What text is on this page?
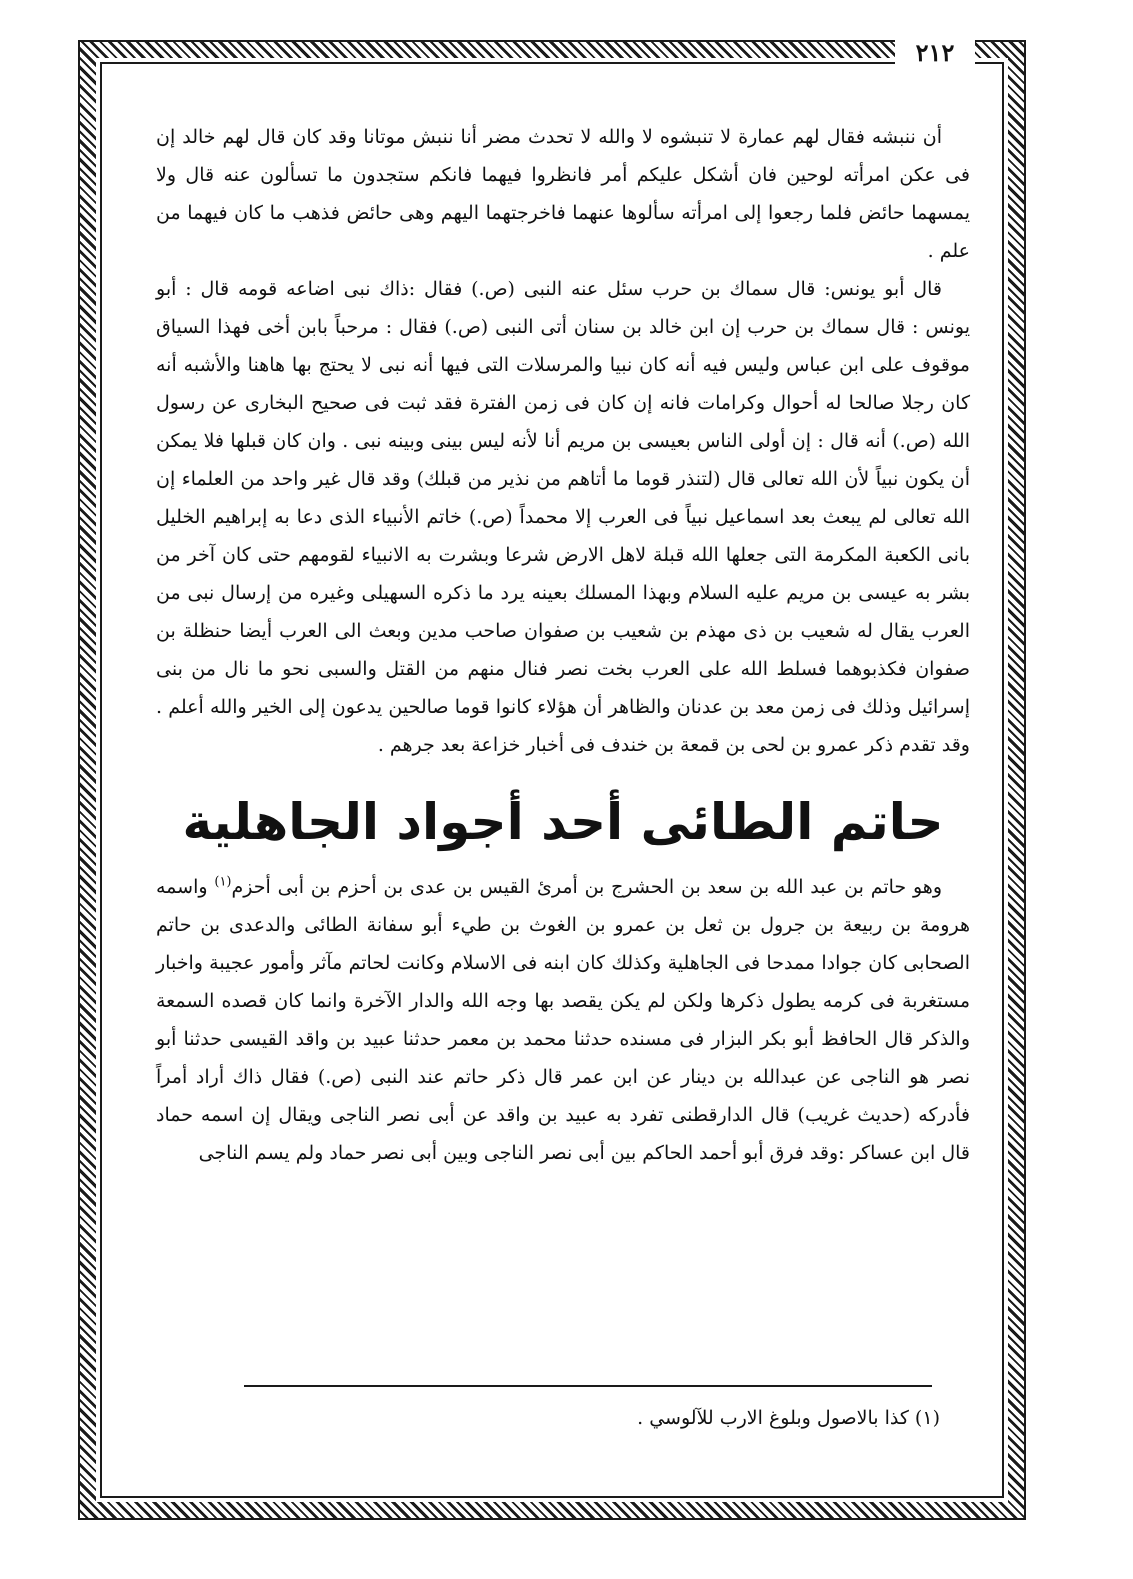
٢١٢

أن ننبشه فقال لهم عمارة لا تنبشوه لا والله لا تحدث مضر أنا ننبش موتانا وقد كان قال لهم خالد إن فى عكن امرأته لوحين فان أشكل عليكم أمر فانظروا فيهما فانكم ستجدون ما تسألون عنه قال ولا يمسهما حائض فلما رجعوا إلى امرأته سألوها عنهما فاخرجتهما اليهم وهى حائض فذهب ما كان فيهما من علم .

قال أبو يونس: قال سماك بن حرب سئل عنه النبى (ص.) فقال :ذاك نبى اضاعه قومه قال : أبو يونس : قال سماك بن حرب إن ابن خالد بن سنان أتى النبى (ص.) فقال : مرحباً بابن أخى فهذا السياق موقوف على ابن عباس وليس فيه أنه كان نبيا والمرسلات التى فيها أنه نبى لا يحتج بها هاهنا والأشبه أنه كان رجلا صالحا له أحوال وكرامات فانه إن كان فى زمن الفترة فقد ثبت فى صحيح البخارى عن رسول الله (ص.) أنه قال : إن أولى الناس بعيسى بن مريم أنا لأنه ليس بينى وبينه نبى . وان كان قبلها فلا يمكن أن يكون نبياً لأن الله تعالى قال (لتنذر قوما ما أتاهم من نذير من قبلك) وقد قال غير واحد من العلماء إن الله تعالى لم يبعث بعد اسماعيل نبياً فى العرب إلا محمداً (ص.) خاتم الأنبياء الذى دعا به إبراهيم الخليل بانى الكعبة المكرمة التى جعلها الله قبلة لاهل الارض شرعا وبشرت به الانبياء لقومهم حتى كان آخر من بشر به عيسى بن مريم عليه السلام وبهذا المسلك بعينه يرد ما ذكره السهيلى وغيره من إرسال نبى من العرب يقال له شعيب بن ذى مهذم بن شعيب بن صفوان صاحب مدين وبعث الى العرب أيضا حنظلة بن صفوان فكذبوهما فسلط الله على العرب بخت نصر فنال منهم من القتل والسبى نحو ما نال من بنى إسرائيل وذلك فى زمن معد بن عدنان والظاهر أن هؤلاء كانوا قوما صالحين يدعون إلى الخير والله أعلم . وقد تقدم ذكر عمرو بن لحى بن قمعة بن خندف فى أخبار خزاعة بعد جرهم .

حاتم الطائى أحد أجواد الجاهلية

وهو حاتم بن عبد الله بن سعد بن الحشرج بن أمرئ القيس بن عدى بن أحزم بن أبى أحزم$^{(١)}$ واسمه هرومة بن ربيعة بن جرول بن ثعل بن عمرو بن الغوث بن طيء أبو سفانة الطائى والدعدى بن حاتم الصحابى كان جوادا ممدحا فى الجاهلية وكذلك كان ابنه فى الاسلام وكانت لحاتم مآثر وأمور عجيبة واخبار مستغربة فى كرمه يطول ذكرها ولكن لم يكن يقصد بها وجه الله والدار الآخرة وانما كان قصده السمعة والذكر قال الحافظ أبو بكر البزار فى مسنده حدثنا محمد بن معمر حدثنا عبيد بن واقد القيسى حدثنا أبو نصر هو الناجى عن عبدالله بن دينار عن ابن عمر قال ذكر حاتم عند النبى (ص.) فقال ذاك أراد أمراً فأدركه (حديث غريب) قال الدارقطنى تفرد به عبيد بن واقد عن أبى نصر الناجى ويقال إن اسمه حماد قال ابن عساكر :وقد فرق أبو أحمد الحاكم بين أبى نصر الناجى وبين أبى نصر حماد ولم يسم الناجى

(١) كذا بالاصول وبلوغ الارب للآلوسي .
